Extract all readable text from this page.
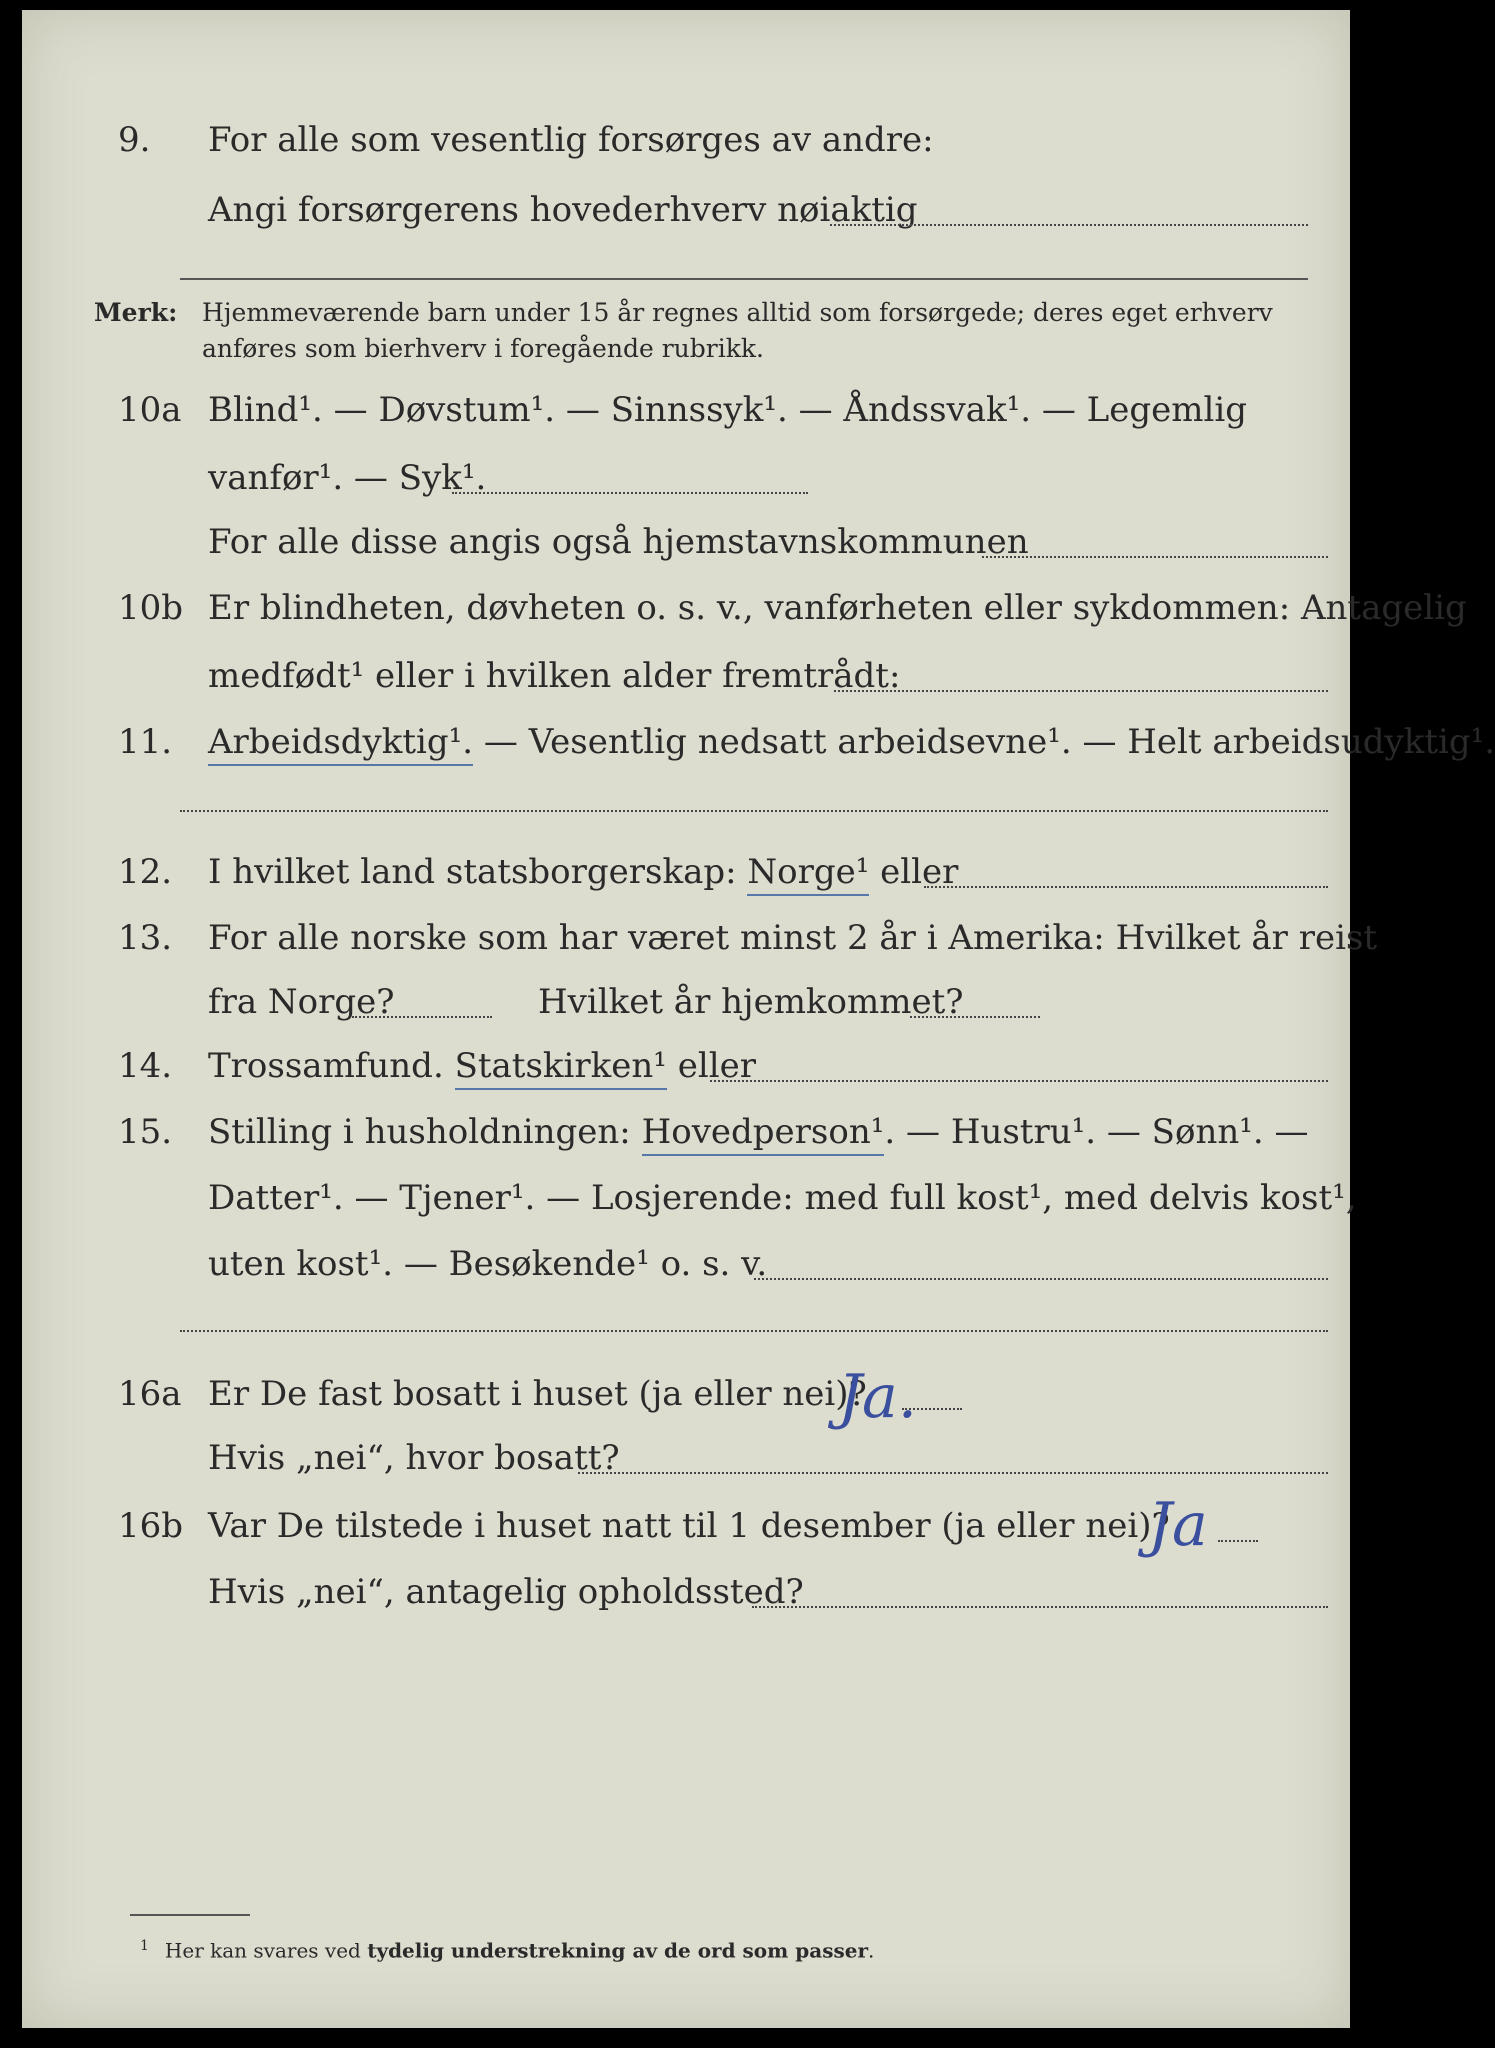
9.	For alle som vesentlig forsørges av andre:
Angi forsørgerens hovederhverv nøiaktig
Merk: Hjemmeværende barn under 15 år regnes alltid som forsørgede; deres eget erhverv anføres som bierhverv i foregående rubrikk.
10a Blind¹. — Døvstum¹. — Sinnssyk¹. — Åndssvak¹. — Legemlig
vanfør¹. — Syk¹.
For alle disse angis også hjemstavnskommunen
10b Er blindheten, døvheten o. s. v., vanførheten eller sykdommen: Antagelig
medfødt¹ eller i hvilken alder fremtrådt:
11.	Arbeidsdyktig¹. — Vesentlig nedsatt arbeidsevne¹. — Helt arbeidsudyktig¹.
12.	I hvilket land statsborgerskap: Norge¹ eller
13.	For alle norske som har været minst 2 år i Amerika: Hvilket år reist
fra Norge?	Hvilket år hjemkommet?
14.	Trossamfund. Statskirken¹ eller
15.	Stilling i husholdningen: Hovedperson¹. — Hustru¹. — Sønn¹. —
Datter¹. — Tjener¹. — Losjerende: med full kost¹, med delvis kost¹,
uten kost¹. — Besøkende¹ o. s. v.
16a Er De fast bosatt i huset (ja eller nei)?
Ja.
Hvis „nei“, hvor bosatt?
16b Var De tilstede i huset natt til 1 desember (ja eller nei)?
Ja
Hvis „nei“, antagelig opholdssted?
$^1$ Her kan svares ved tydelig understrekning av de ord som passer.
